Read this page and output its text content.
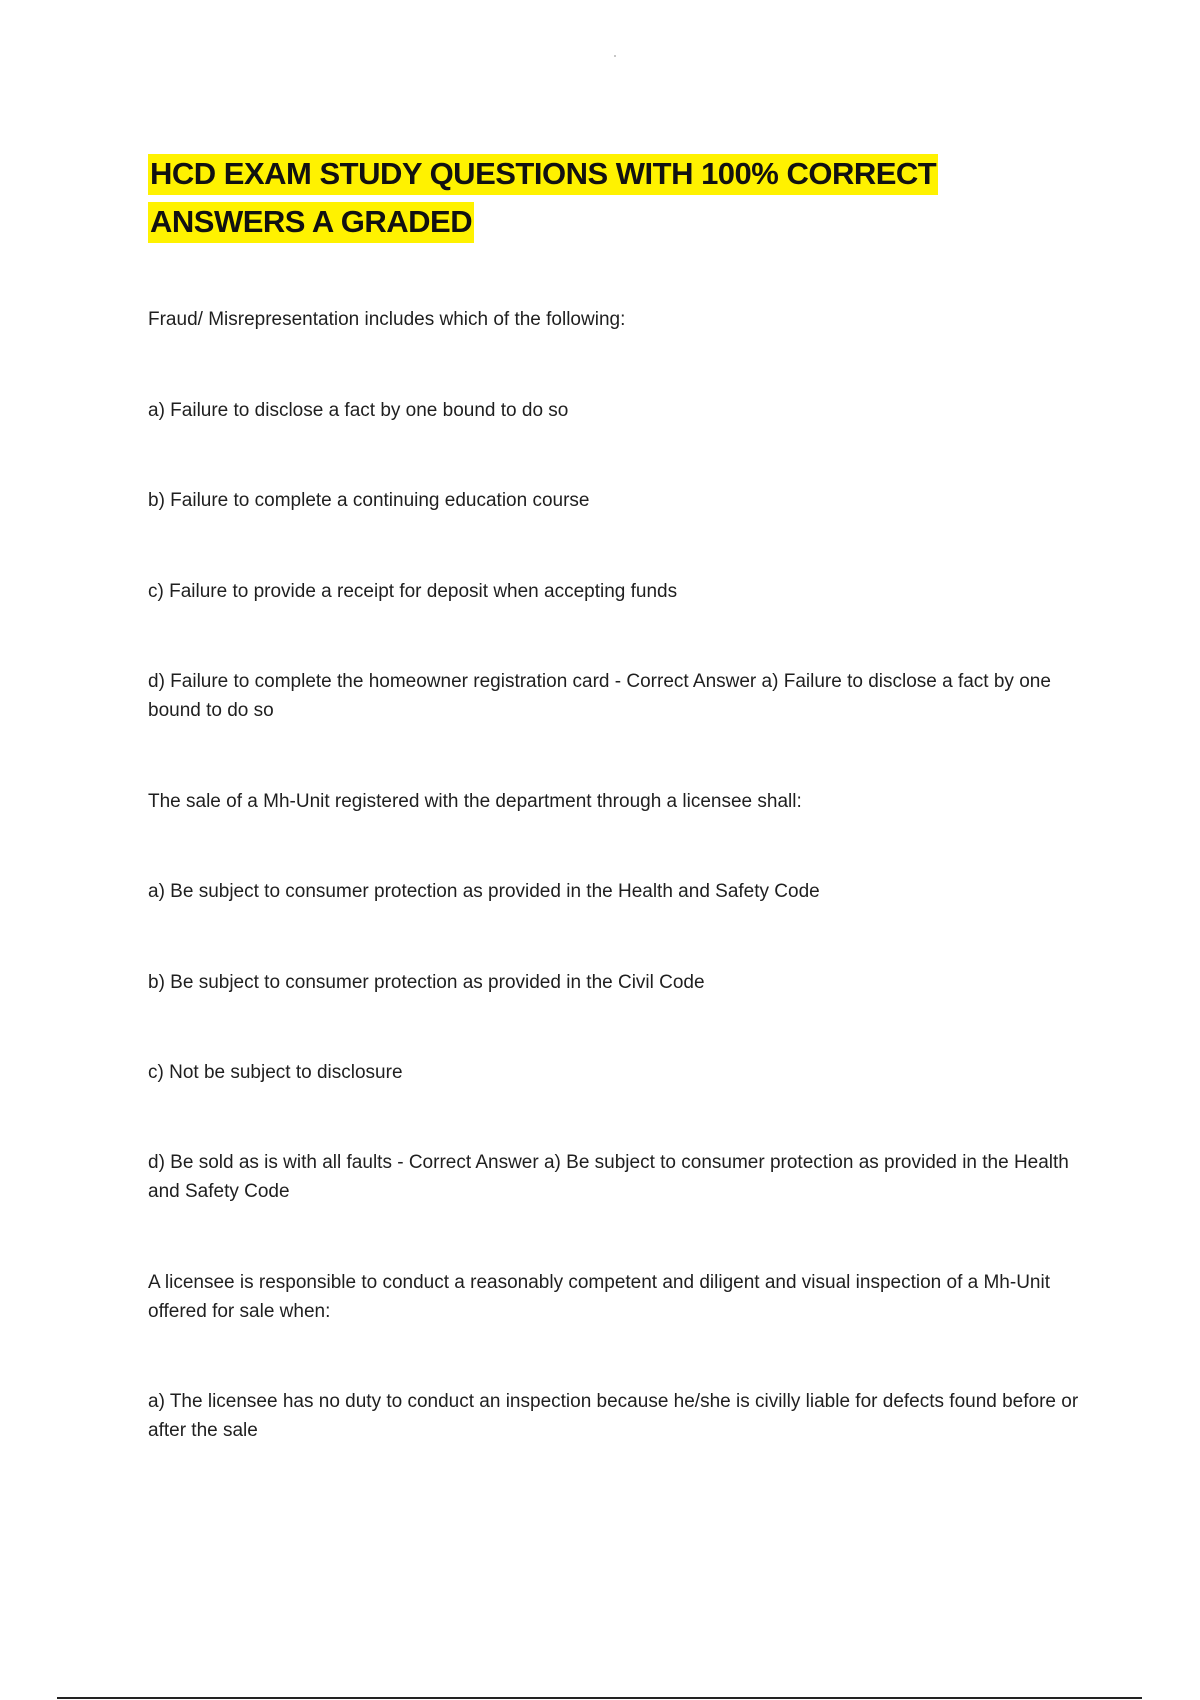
HCD EXAM STUDY QUESTIONS WITH 100% CORRECT
ANSWERS A GRADED

Fraud/ Misrepresentation includes which of the following:

a) Failure to disclose a fact by one bound to do so

b) Failure to complete a continuing education course

c) Failure to provide a receipt for deposit when accepting funds

d) Failure to complete the homeowner registration card - Correct Answer a) Failure to disclose a fact by one bound to do so

The sale of a Mh-Unit registered with the department through a licensee shall:

a) Be subject to consumer protection as provided in the Health and Safety Code

b) Be subject to consumer protection as provided in the Civil Code

c) Not be subject to disclosure

d) Be sold as is with all faults - Correct Answer a) Be subject to consumer protection as provided in the Health and Safety Code

A licensee is responsible to conduct a reasonably competent and diligent and visual inspection of a Mh-Unit offered for sale when:

a) The licensee has no duty to conduct an inspection because he/she is civilly liable for defects found before or after the sale
